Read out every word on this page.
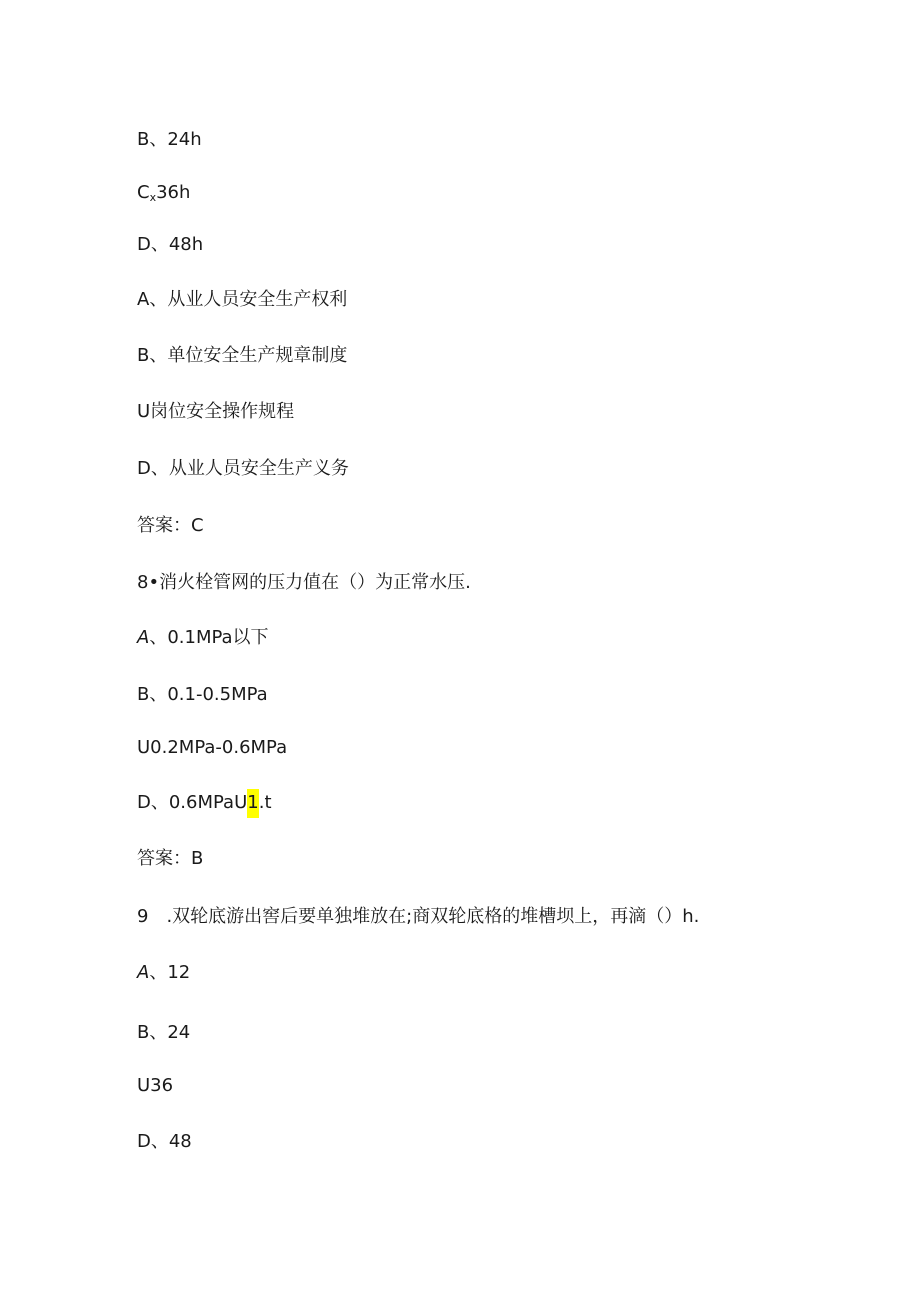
B、24h
$C_x36h$
D、48h
A、从业人员安全生产权利
B、单位安全生产规章制度
U岗位安全操作规程
D、从业人员安全生产义务
答案：C
8•消火栓管网的压力值在（）为正常水压.
A、0.1MPa以下
B、0.1-0.5MPa
U0.2MPa-0.6MPa
D、0.6MPaU1.t
答案：B
9　.双轮底游出窖后要单独堆放在;商双轮底格的堆槽坝上，再滴（）h.
A、12
B、24
U36
D、48
